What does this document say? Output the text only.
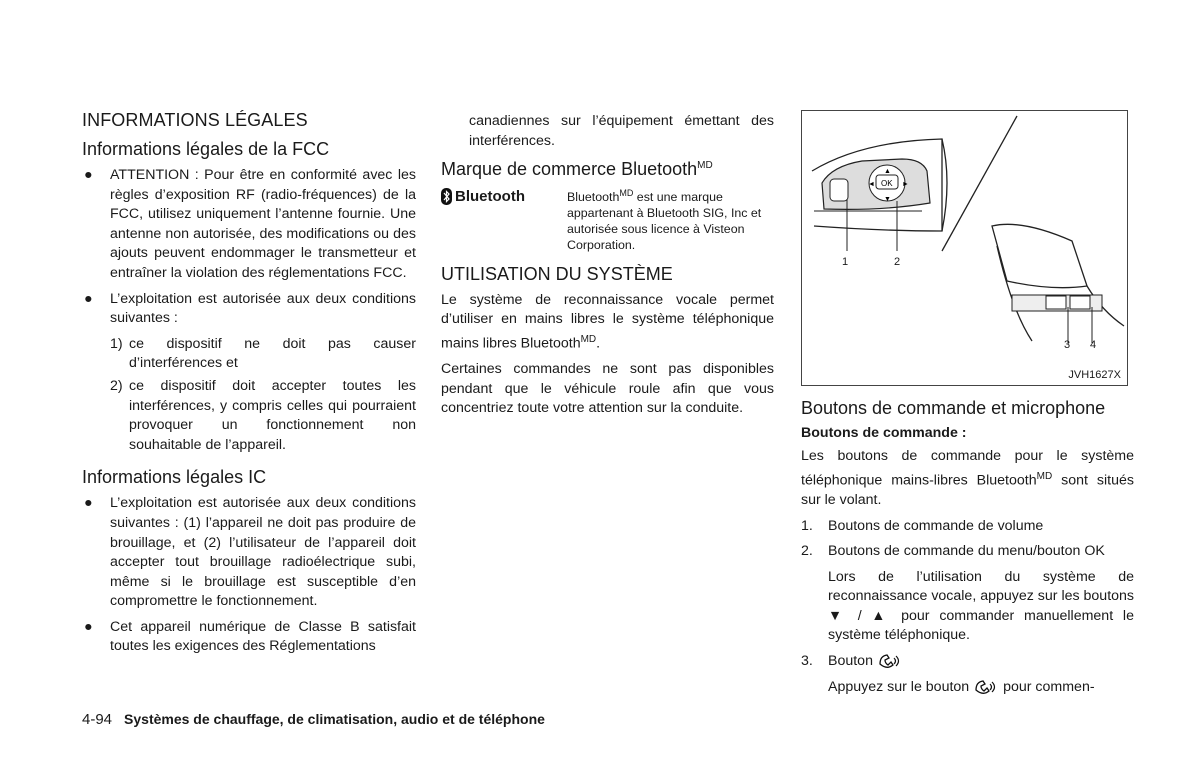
INFORMATIONS LÉGALES
Informations légales de la FCC
● ATTENTION : Pour être en conformité avec les règles d’exposition RF (radio-fréquences) de la FCC, utilisez uniquement l’antenne fournie. Une antenne non autorisée, des modifications ou des ajouts peuvent endommager le transmetteur et entraîner la violation des réglementations FCC.
● L’exploitation est autorisée aux deux conditions suivantes :
1) ce dispositif ne doit pas causer d’interférences et
2) ce dispositif doit accepter toutes les interférences, y compris celles qui pourraient provoquer un fonctionnement non souhaitable de l’appareil.
Informations légales IC
● L’exploitation est autorisée aux deux conditions suivantes : (1) l’appareil ne doit pas produire de brouillage, et (2) l’utilisateur de l’appareil doit accepter tout brouillage radioélectrique subi, même si le brouillage est susceptible d’en compromettre le fonctionnement.
● Cet appareil numérique de Classe B satisfait toutes les exigences des Réglementations
canadiennes sur l’équipement émettant des interférences.
Marque de commerce Bluetooth$^{MD}$
Bluetooth	Bluetooth$^{MD}$ est une marque appartenant à Bluetooth SIG, Inc et autorisée sous licence à Visteon Corporation.
UTILISATION DU SYSTÈME
Le système de reconnaissance vocale permet d’utiliser en mains libres le système téléphonique mains libres Bluetooth$^{MD}$.
Certaines commandes ne sont pas disponibles pendant que le véhicule roule afin que vous concentriez toute votre attention sur la conduite.
OK
▲
▼
◄	►
1	2
3 4
JVH1627X
Boutons de commande et microphone
Boutons de commande :
Les boutons de commande pour le système téléphonique mains-libres Bluetooth$^{MD}$ sont situés sur le volant.
1. Boutons de commande de volume
2. Boutons de commande du menu/bouton OK
Lors de l’utilisation du système de reconnaissance vocale, appuyez sur les boutons ▼ / ▲ pour commander manuellement le système téléphonique.
3. Bouton
Appuyez sur le bouton pour commen-
4-94 Systèmes de chauffage, de climatisation, audio et de téléphone
